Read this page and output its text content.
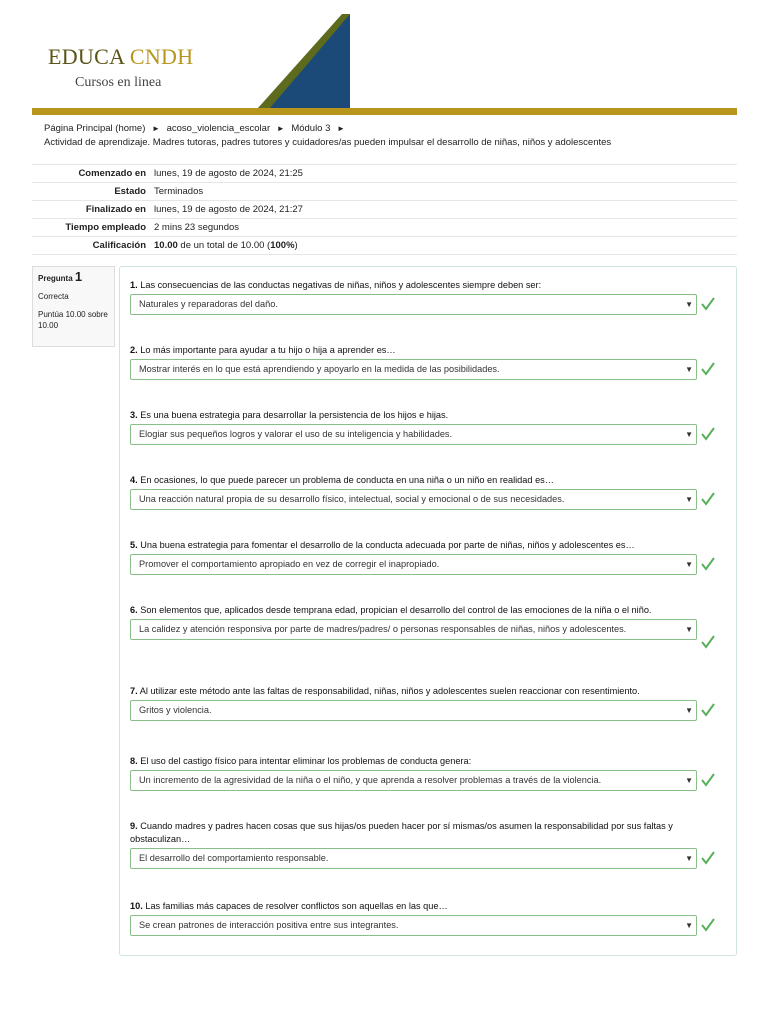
EDUCA CNDH
Cursos en linea
Página Principal (home) ► acoso_violencia_escolar ► Módulo 3 ►
Actividad de aprendizaje. Madres tutoras, padres tutores y cuidadores/as pueden impulsar el desarrollo de niñas, niños y adolescentes
Comenzado en	lunes, 19 de agosto de 2024, 21:25
Estado	Terminados
Finalizado en	lunes, 19 de agosto de 2024, 21:27
Tiempo empleado	2 mins 23 segundos
Calificación	10.00 de un total de 10.00 (100%)
Pregunta 1
Correcta
Puntúa 10.00 sobre 10.00
1. Las consecuencias de las conductas negativas de niñas, niños y adolescentes siempre deben ser:
Naturales y reparadoras del daño.	▼
2. Lo más importante para ayudar a tu hijo o hija a aprender es…
Mostrar interés en lo que está aprendiendo y apoyarlo en la medida de las posibilidades.	▼
3. Es una buena estrategia para desarrollar la persistencia de los hijos e hijas.
Elogiar sus pequeños logros y valorar el uso de su inteligencia y habilidades.	▼
4. En ocasiones, lo que puede parecer un problema de conducta en una niña o un niño en realidad es…
Una reacción natural propia de su desarrollo físico, intelectual, social y emocional o de sus necesidades.	▼
5. Una buena estrategia para fomentar el desarrollo de la conducta adecuada por parte de niñas, niños y adolescentes es…
Promover el comportamiento apropiado en vez de corregir el inapropiado.	▼
6. Son elementos que, aplicados desde temprana edad, propician el desarrollo del control de las emociones de la niña o el niño.
La calidez y atención responsiva por parte de madres/padres/ o personas responsables de niñas, niños y adolescentes.	▼
7. Al utilizar este método ante las faltas de responsabilidad, niñas, niños y adolescentes suelen reaccionar con resentimiento.
Gritos y violencia.	▼
8. El uso del castigo físico para intentar eliminar los problemas de conducta genera:
Un incremento de la agresividad de la niña o el niño, y que aprenda a resolver problemas a través de la violencia.	▼
9. Cuando madres y padres hacen cosas que sus hijas/os pueden hacer por sí mismas/os asumen la responsabilidad por sus faltas y obstaculizan…
El desarrollo del comportamiento responsable.	▼
10. Las familias más capaces de resolver conflictos son aquellas en las que…
Se crean patrones de interacción positiva entre sus integrantes.	▼
